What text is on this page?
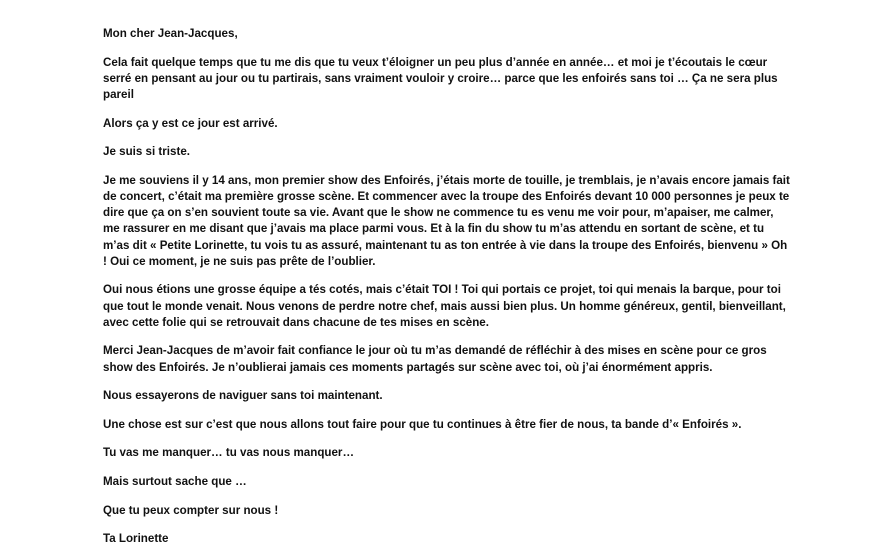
Mon cher Jean-Jacques,

Cela fait quelque temps que tu me dis que tu veux t’éloigner un peu plus d’année en année… et moi je t’écoutais le cœur serré en pensant au jour ou tu partirais, sans vraiment vouloir y croire… parce que les enfoirés sans toi … Ça ne sera plus pareil

Alors ça y est ce jour est arrivé.

Je suis si triste.

Je me souviens il y 14 ans, mon premier show des Enfoirés, j’étais morte de touille, je tremblais, je n’avais encore jamais fait de concert, c’était ma première grosse scène. Et commencer avec la troupe des Enfoirés devant 10 000 personnes je peux te dire que ça on s’en souvient toute sa vie. Avant que le show ne commence tu es venu me voir pour, m’apaiser, me calmer, me rassurer en me disant que j’avais ma place parmi vous. Et à la fin du show tu m’as attendu en sortant de scène, et tu m’as dit « Petite Lorinette, tu vois tu as assuré, maintenant tu as ton entrée à vie dans la troupe des Enfoirés, bienvenu » Oh ! Oui ce moment, je ne suis pas prête de l’oublier.

Oui nous étions une grosse équipe a tés cotés, mais c’était TOI ! Toi qui portais ce projet, toi qui menais la barque, pour toi que tout le monde venait. Nous venons de perdre notre chef, mais aussi bien plus. Un homme généreux, gentil, bienveillant, avec cette folie qui se retrouvait dans chacune de tes mises en scène.

Merci Jean-Jacques de m’avoir fait confiance le jour où tu m’as demandé de réfléchir à des mises en scène pour ce gros show des Enfoirés. Je n’oublierai jamais ces moments partagés sur scène avec toi, où j’ai énormément appris.

Nous essayerons de naviguer sans toi maintenant.

Une chose est sur c’est que nous allons tout faire pour que tu continues à être fier de nous, ta bande d’« Enfoirés ».

Tu vas me manquer… tu vas nous manquer…

Mais surtout sache que …

Que tu peux compter sur nous !

Ta Lorinette
